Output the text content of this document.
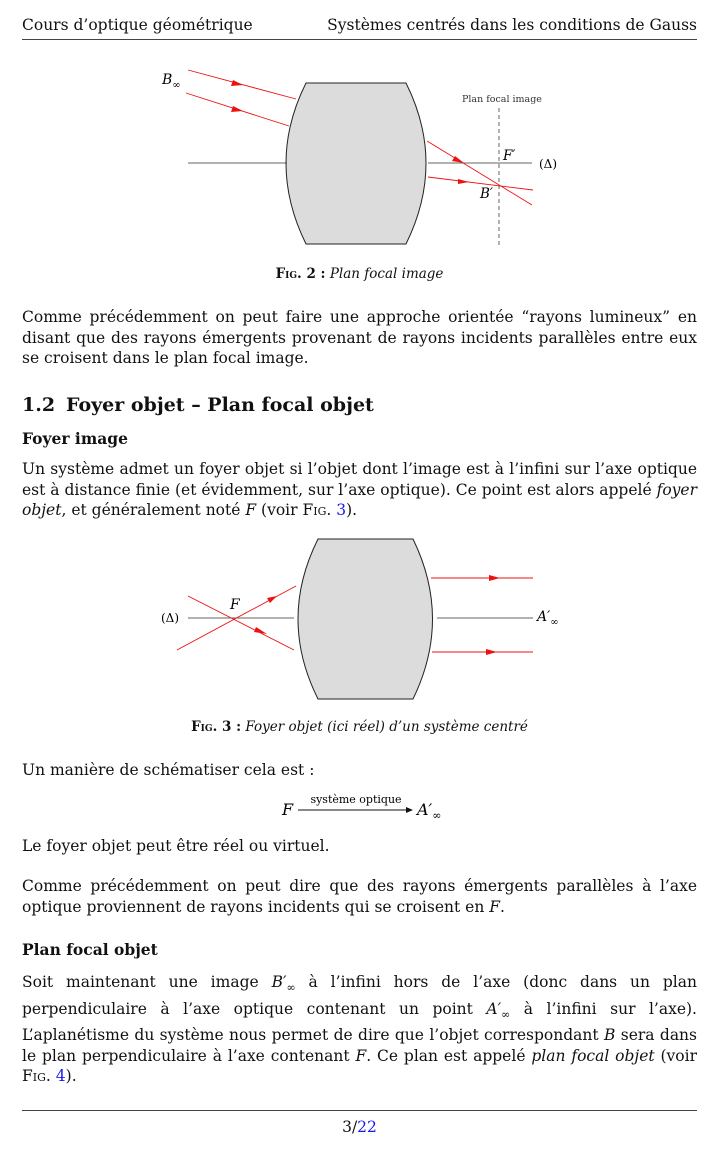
Cours d’optique géométrique	Systèmes centrés dans les conditions de Gauss
$B_\infty$
Plan focal image
F′ (Δ)
B′
Fig. 2 : Plan focal image
Comme précédemment on peut faire une approche orientée “rayons lumineux” en disant que des rayons émergents provenant de rayons incidents parallèles entre eux se croisent dans le plan focal image.
1.2 Foyer objet – Plan focal objet
Foyer image
Un système admet un foyer objet si l’objet dont l’image est à l’infini sur l’axe optique est à distance finie (et évidemment, sur l’axe optique). Ce point est alors appelé foyer objet, et généralement noté F (voir Fig. 3).
(Δ)
F
$A'_\infty$
Fig. 3 : Foyer objet (ici réel) d’un système centré
Un manière de schématiser cela est :
F
système optique
$A'_\infty$
Le foyer objet peut être réel ou virtuel.
Comme précédemment on peut dire que des rayons émergents parallèles à l’axe optique proviennent de rayons incidents qui se croisent en F.
Plan focal objet
Soit maintenant une image $B'_\infty$ à l’infini hors de l’axe (donc dans un plan perpendiculaire à l’axe optique contenant un point $A'_\infty$ à l’infini sur l’axe). L’aplanétisme du système nous permet de dire que l’objet correspondant B sera dans le plan perpendiculaire à l’axe contenant F. Ce plan est appelé plan focal objet (voir Fig. 4).
3/22
